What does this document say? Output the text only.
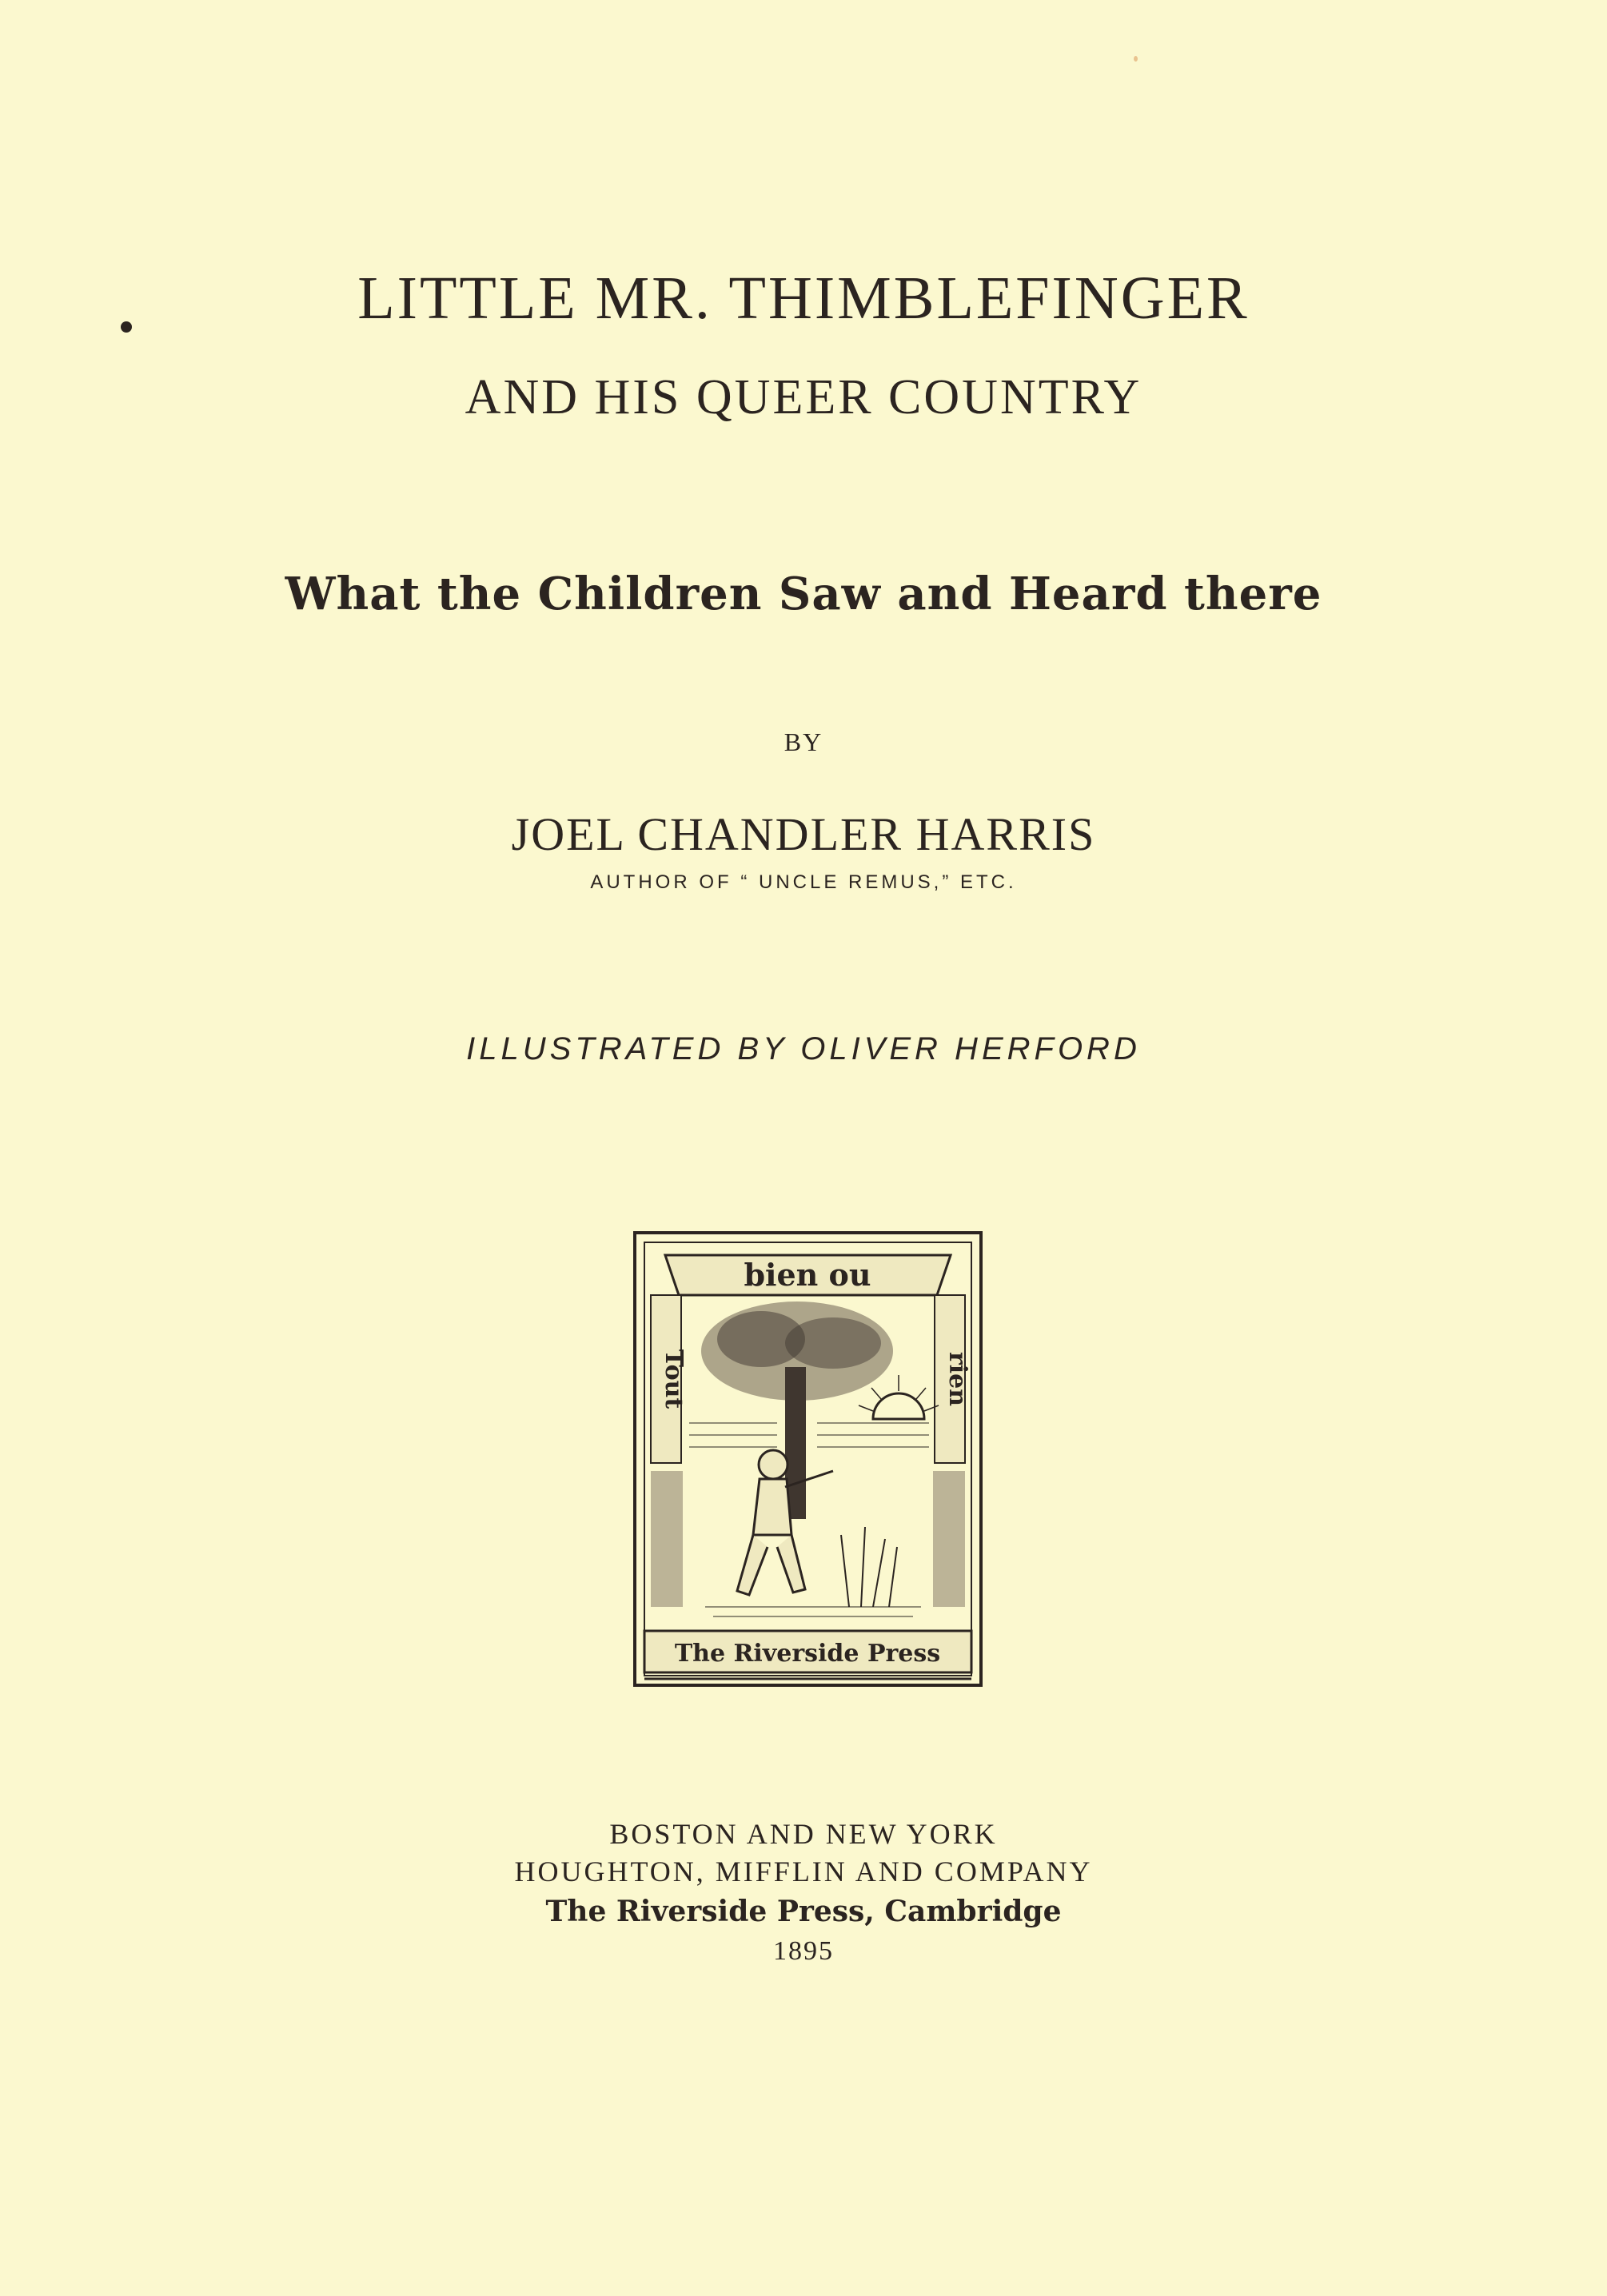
LITTLE MR. THIMBLEFINGER
AND HIS QUEER COUNTRY
What the Children Saw and Heard there
BY
JOEL CHANDLER HARRIS
AUTHOR OF “ UNCLE REMUS,” ETC.
ILLUSTRATED BY OLIVER HERFORD
bien ou
Tout	rien
The Riverside Press
BOSTON AND NEW YORK
HOUGHTON, MIFFLIN AND COMPANY
The Riverside Press, Cambridge
1895
